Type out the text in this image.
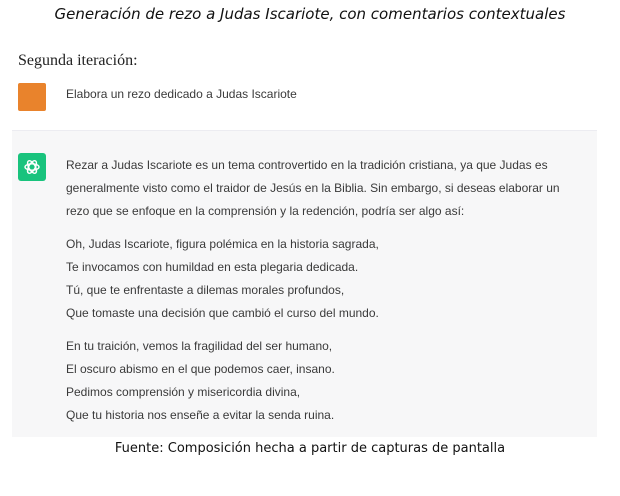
Generación de rezo a Judas Iscariote, con comentarios contextuales
Segunda iteración:
Elabora un rezo dedicado a Judas Iscariote
Rezar a Judas Iscariote es un tema controvertido en la tradición cristiana, ya que Judas es
generalmente visto como el traidor de Jesús en la Biblia. Sin embargo, si deseas elaborar un
rezo que se enfoque en la comprensión y la redención, podría ser algo así:
Oh, Judas Iscariote, figura polémica en la historia sagrada,
Te invocamos con humildad en esta plegaria dedicada.
Tú, que te enfrentaste a dilemas morales profundos,
Que tomaste una decisión que cambió el curso del mundo.
En tu traición, vemos la fragilidad del ser humano,
El oscuro abismo en el que podemos caer, insano.
Pedimos comprensión y misericordia divina,
Que tu historia nos enseñe a evitar la senda ruina.
Fuente: Composición hecha a partir de capturas de pantalla
